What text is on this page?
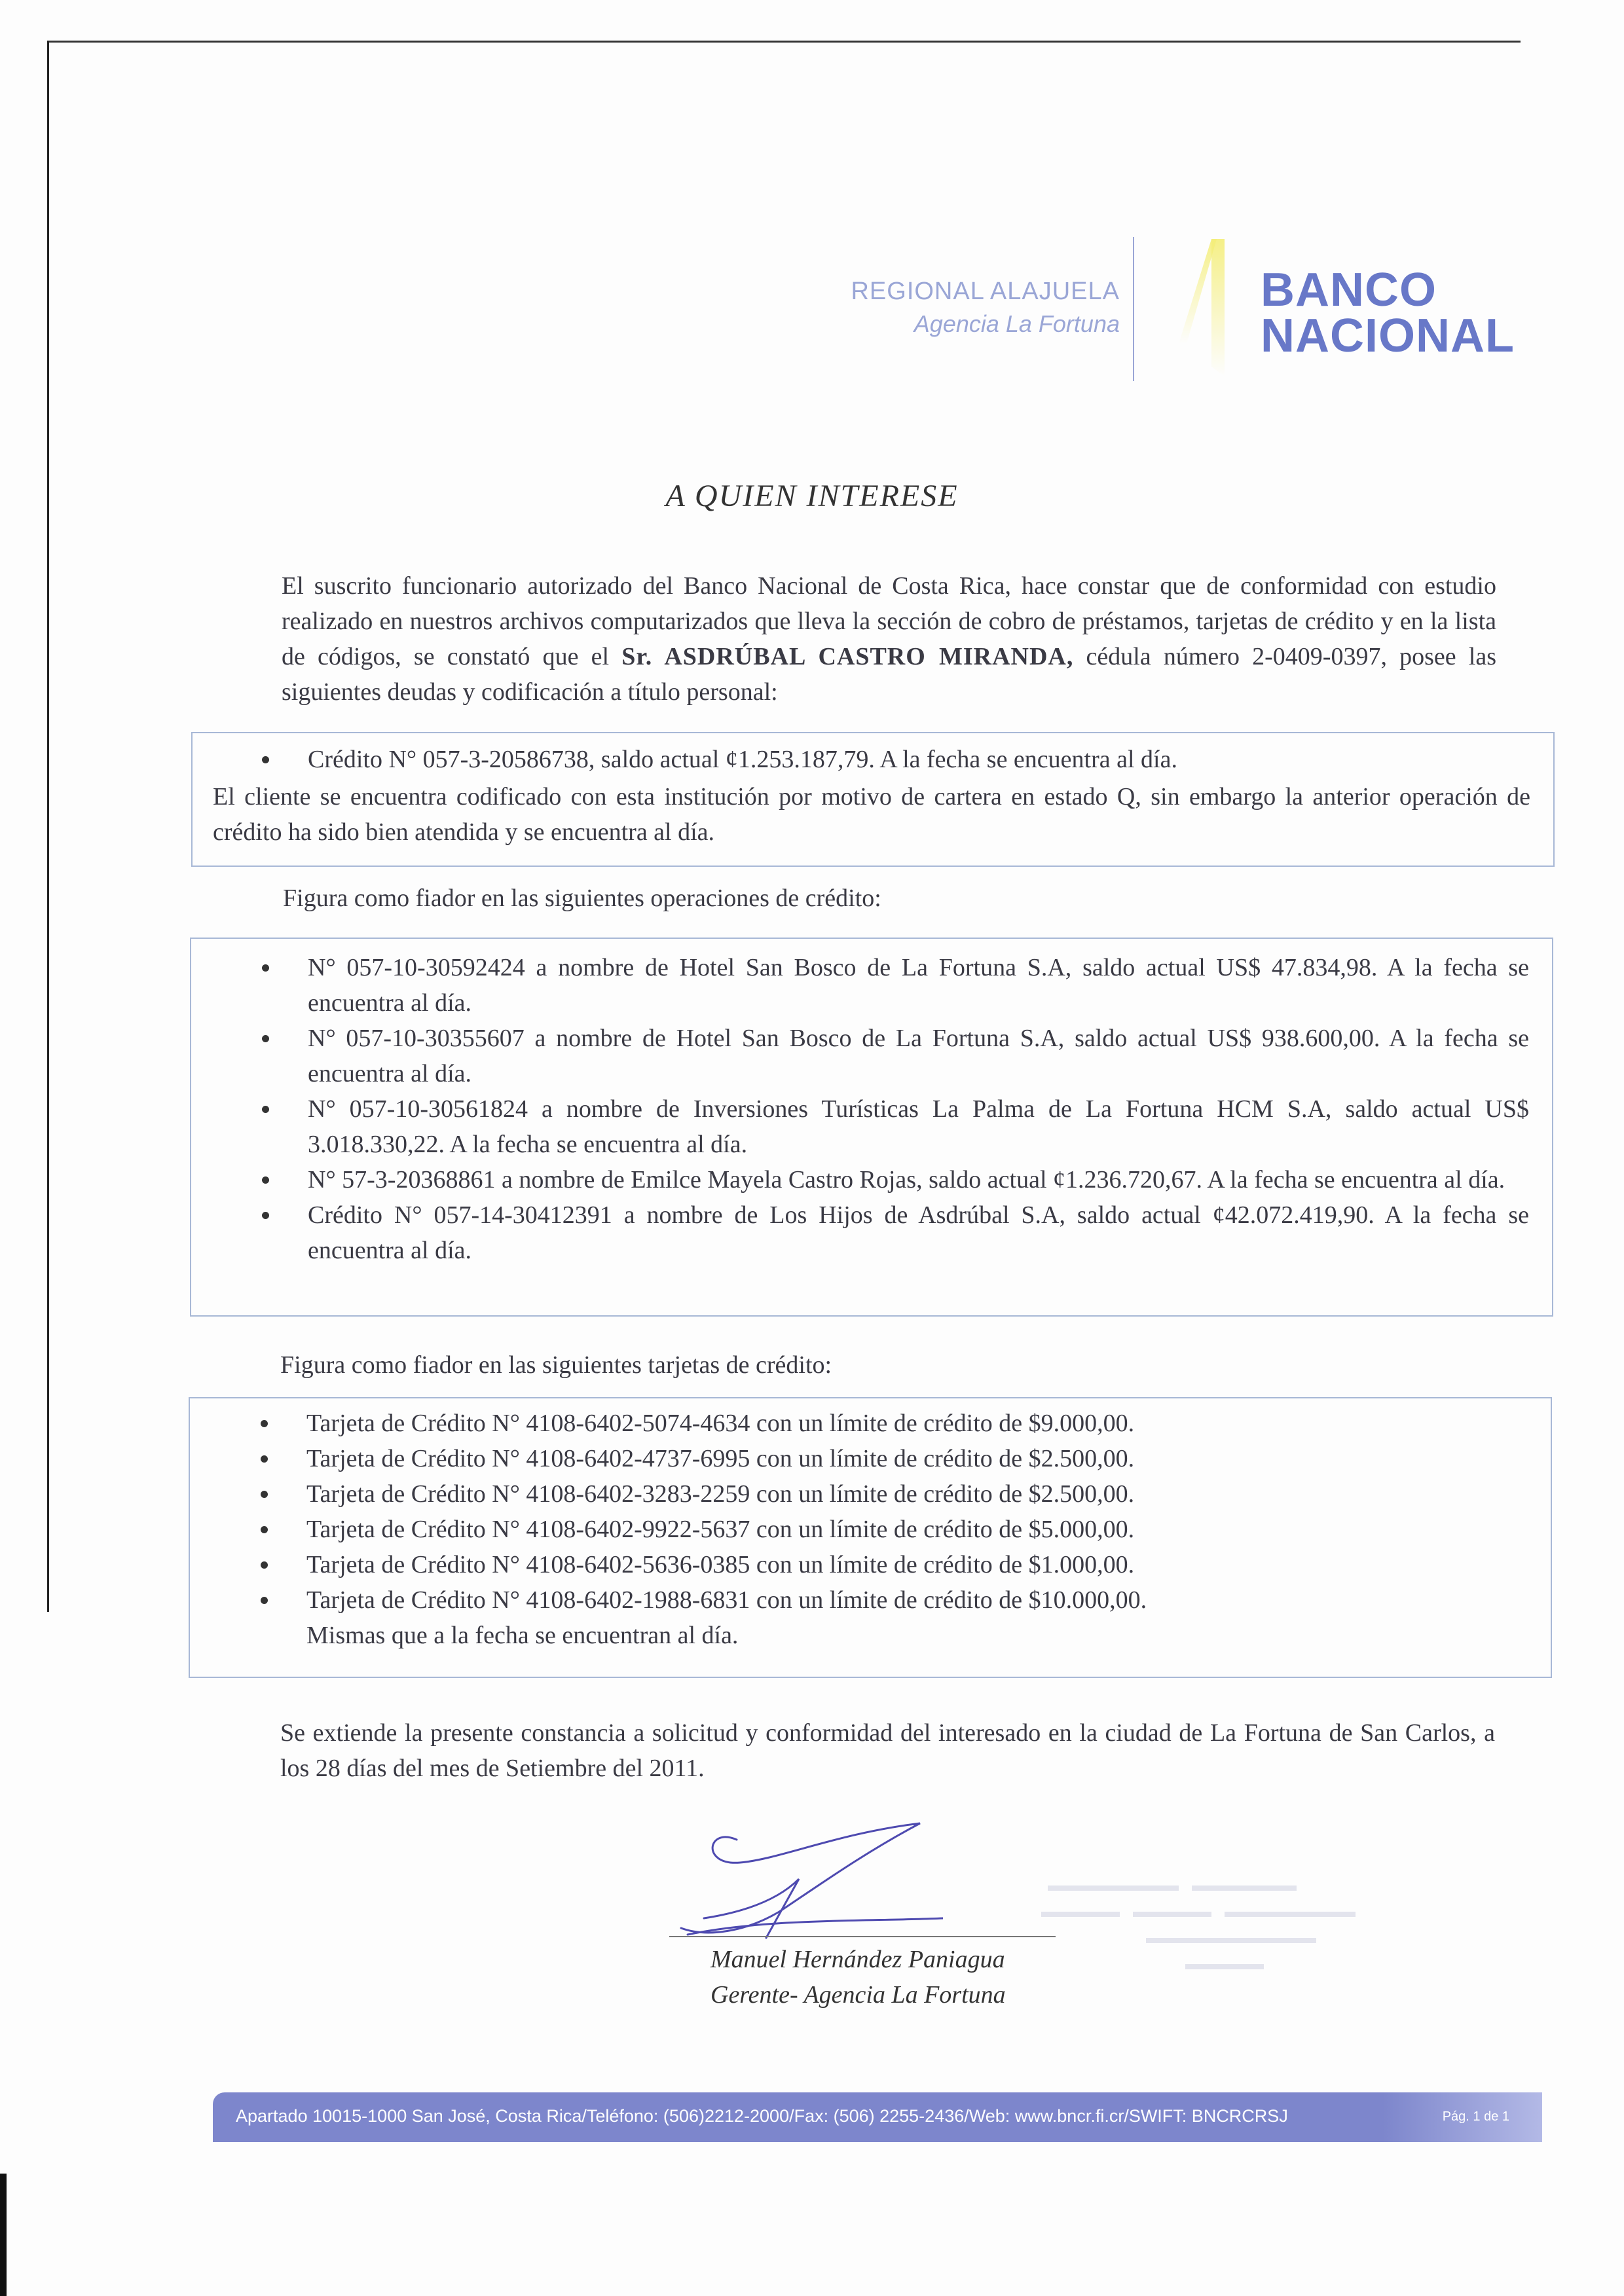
REGIONAL ALAJUELA
Agencia La Fortuna
BANCO
NACIONAL
A QUIEN INTERESE
El suscrito funcionario autorizado del Banco Nacional de Costa Rica, hace constar que de conformidad con estudio realizado en nuestros archivos computarizados que lleva la sección de cobro de préstamos, tarjetas de crédito y en la lista de códigos, se constató que el Sr. ASDRÚBAL CASTRO MIRANDA, cédula número 2-0409-0397, posee las siguientes deudas y codificación a título personal:
Crédito N° 057-3-20586738, saldo actual ¢1.253.187,79. A la fecha se encuentra al día.
El cliente se encuentra codificado con esta institución por motivo de cartera en estado Q, sin embargo la anterior operación de crédito ha sido bien atendida y se encuentra al día.
Figura como fiador en las siguientes operaciones de crédito:
N° 057-10-30592424 a nombre de Hotel San Bosco de La Fortuna S.A, saldo actual US$ 47.834,98. A la fecha se encuentra al día.
N° 057-10-30355607 a nombre de Hotel San Bosco de La Fortuna S.A, saldo actual US$ 938.600,00. A la fecha se encuentra al día.
N° 057-10-30561824 a nombre de Inversiones Turísticas La Palma de La Fortuna HCM S.A, saldo actual US$ 3.018.330,22. A la fecha se encuentra al día.
N° 57-3-20368861 a nombre de Emilce Mayela Castro Rojas, saldo actual ¢1.236.720,67. A la fecha se encuentra al día.
Crédito N° 057-14-30412391 a nombre de Los Hijos de Asdrúbal S.A, saldo actual ¢42.072.419,90. A la fecha se encuentra al día.
Figura como fiador en las siguientes tarjetas de crédito:
Tarjeta de Crédito N° 4108-6402-5074-4634 con un límite de crédito de $9.000,00.
Tarjeta de Crédito N° 4108-6402-4737-6995 con un límite de crédito de $2.500,00.
Tarjeta de Crédito N° 4108-6402-3283-2259 con un límite de crédito de $2.500,00.
Tarjeta de Crédito N° 4108-6402-9922-5637 con un límite de crédito de $5.000,00.
Tarjeta de Crédito N° 4108-6402-5636-0385 con un límite de crédito de $1.000,00.
Tarjeta de Crédito N° 4108-6402-1988-6831 con un límite de crédito de $10.000,00.
Mismas que a la fecha se encuentran al día.
Se extiende la presente constancia a solicitud y conformidad del interesado en la ciudad de La Fortuna de San Carlos, a los 28 días del mes de Setiembre del 2011.
Manuel Hernández Paniagua
Gerente- Agencia La Fortuna
Apartado 10015-1000 San José, Costa Rica/Teléfono: (506)2212-2000/Fax: (506) 2255-2436/Web: www.bncr.fi.cr/SWIFT: BNCRCRSJ	Pág. 1 de 1
